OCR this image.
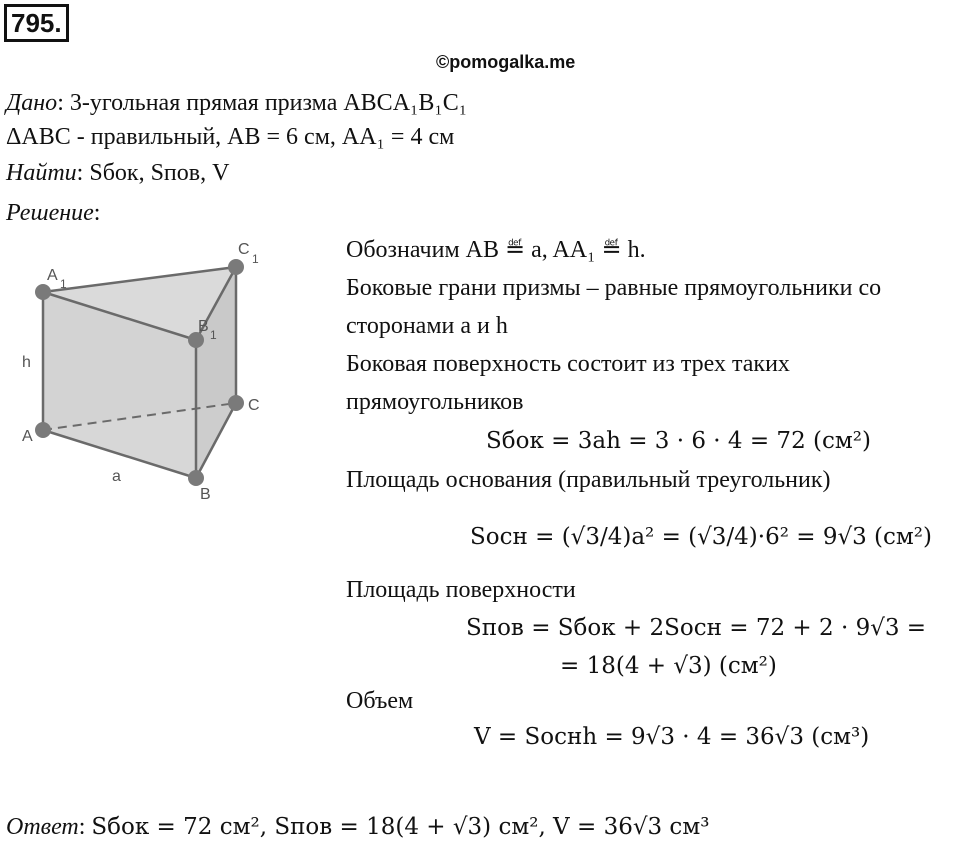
795.
©pomogalka.me
Дано: 3-угольная прямая призма ABCA₁B₁C₁
ΔABC - правильный, AB = 6 см, AA₁ = 4 см
Найти: Sбок, Sпов, V
Решение:
A 1
C
1
B 1
A
C
B
h
a
Обозначим AB ≝ a, AA₁ ≝ h.
Боковые грани призмы – равные прямоугольники со
сторонами a и h
Боковая поверхность состоит из трех таких
прямоугольников
Sбок = 3ah = 3 · 6 · 4 = 72 (см²)
Площадь основания (правильный треугольник)
Sосн = (√3/4)a² = (√3/4)·6² = 9√3 (см²)
Площадь поверхности
Sпов = Sбок + 2Sосн = 72 + 2 · 9√3 =
= 18(4 + √3) (см²)
Объем
V = Sоснh = 9√3 · 4 = 36√3 (см³)
Ответ: Sбок = 72 см², Sпов = 18(4 + √3) см², V = 36√3 см³
